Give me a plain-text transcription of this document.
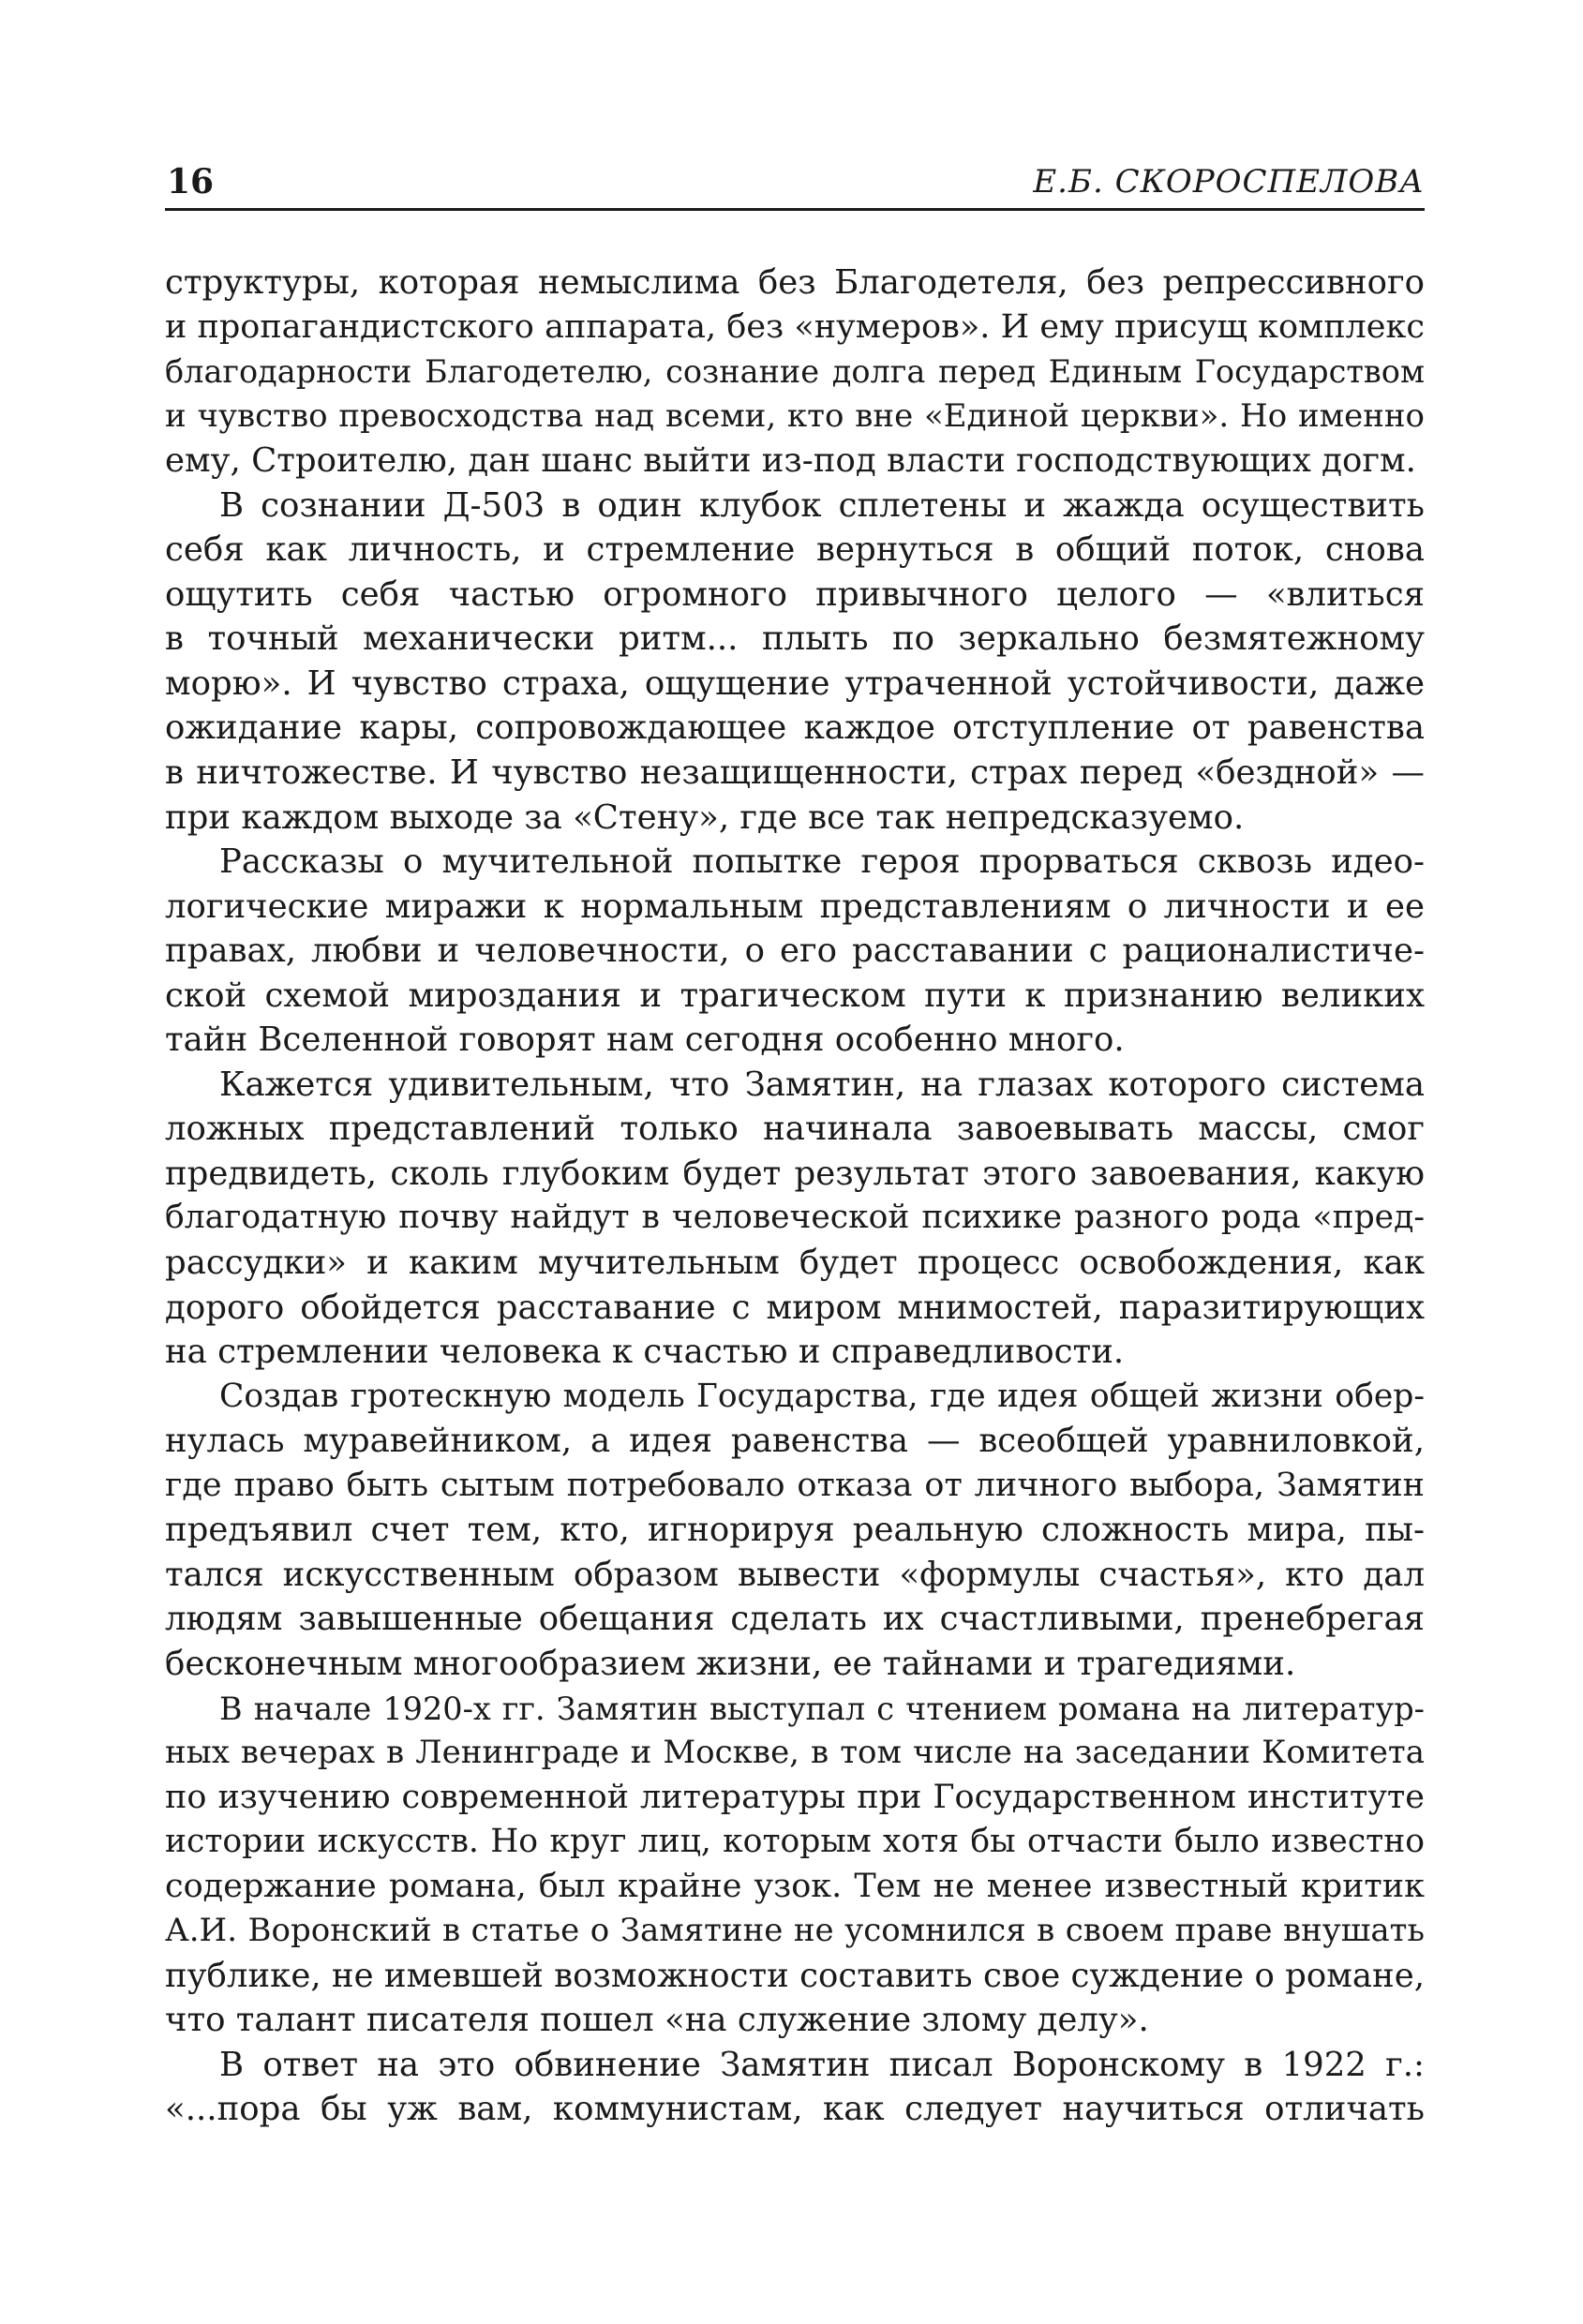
16	Е.Б. СКОРОСПЕЛОВА
структуры, которая немыслима без Благодетеля, без репрессивного
и пропагандистского аппарата, без «нумеров». И ему присущ комплекс
благодарности Благодетелю, сознание долга перед Единым Государством
и чувство превосходства над всеми, кто вне «Единой церкви». Но именно
ему, Строителю, дан шанс выйти из-под власти господствующих догм.
В сознании Д-503 в один клубок сплетены и жажда осуществить
себя как личность, и стремление вернуться в общий поток, снова
ощутить себя частью огромного привычного целого — «влиться
в точный механически ритм... плыть по зеркально безмятежному
морю». И чувство страха, ощущение утраченной устойчивости, даже
ожидание кары, сопровождающее каждое отступление от равенства
в ничтожестве. И чувство незащищенности, страх перед «бездной» —
при каждом выходе за «Стену», где все так непредсказуемо.
Рассказы о мучительной попытке героя прорваться сквозь идео-
логические миражи к нормальным представлениям о личности и ее
правах, любви и человечности, о его расставании с рационалистиче-
ской схемой мироздания и трагическом пути к признанию великих
тайн Вселенной говорят нам сегодня особенно много.
Кажется удивительным, что Замятин, на глазах которого система
ложных представлений только начинала завоевывать массы, смог
предвидеть, сколь глубоким будет результат этого завоевания, какую
благодатную почву найдут в человеческой психике разного рода «пред-
рассудки» и каким мучительным будет процесс освобождения, как
дорого обойдется расставание с миром мнимостей, паразитирующих
на стремлении человека к счастью и справедливости.
Создав гротескную модель Государства, где идея общей жизни обер-
нулась муравейником, а идея равенства — всеобщей уравниловкой,
где право быть сытым потребовало отказа от личного выбора, Замятин
предъявил счет тем, кто, игнорируя реальную сложность мира, пы-
тался искусственным образом вывести «формулы счастья», кто дал
людям завышенные обещания сделать их счастливыми, пренебрегая
бесконечным многообразием жизни, ее тайнами и трагедиями.
В начале 1920-х гг. Замятин выступал с чтением романа на литератур-
ных вечерах в Ленинграде и Москве, в том числе на заседании Комитета
по изучению современной литературы при Государственном институте
истории искусств. Но круг лиц, которым хотя бы отчасти было известно
содержание романа, был крайне узок. Тем не менее известный критик
А.И. Воронский в статье о Замятине не усомнился в своем праве внушать
публике, не имевшей возможности составить свое суждение о романе,
что талант писателя пошел «на служение злому делу».
В ответ на это обвинение Замятин писал Воронскому в 1922 г.:
«...пора бы уж вам, коммунистам, как следует научиться отличать
